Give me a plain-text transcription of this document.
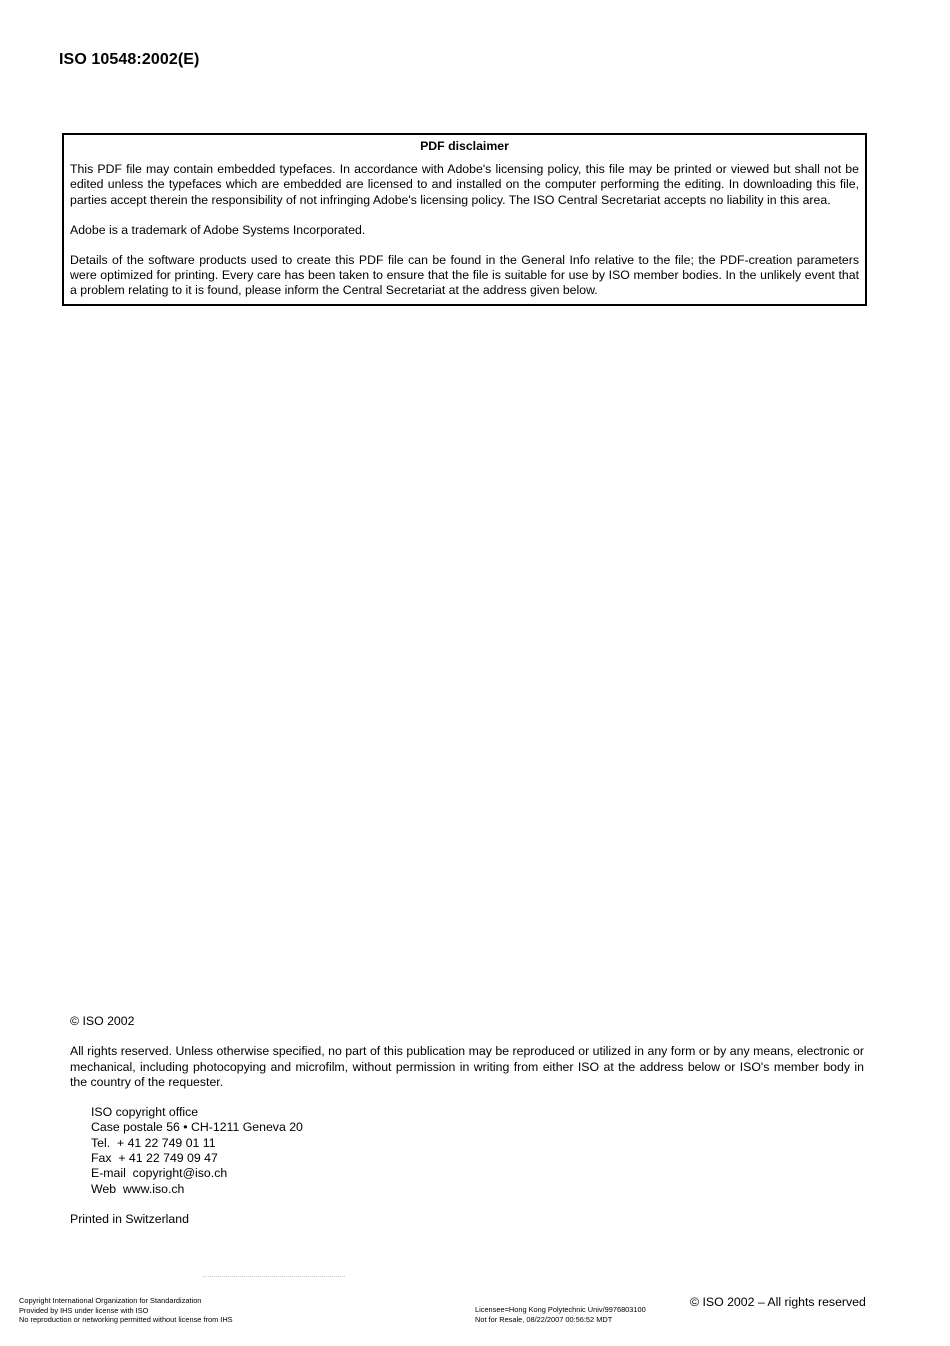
ISO 10548:2002(E)
PDF disclaimer

This PDF file may contain embedded typefaces. In accordance with Adobe's licensing policy, this file may be printed or viewed but shall not be edited unless the typefaces which are embedded are licensed to and installed on the computer performing the editing. In downloading this file, parties accept therein the responsibility of not infringing Adobe's licensing policy. The ISO Central Secretariat accepts no liability in this area.

Adobe is a trademark of Adobe Systems Incorporated.

Details of the software products used to create this PDF file can be found in the General Info relative to the file; the PDF-creation parameters were optimized for printing. Every care has been taken to ensure that the file is suitable for use by ISO member bodies. In the unlikely event that a problem relating to it is found, please inform the Central Secretariat at the address given below.

© ISO 2002

All rights reserved. Unless otherwise specified, no part of this publication may be reproduced or utilized in any form or by any means, electronic or mechanical, including photocopying and microfilm, without permission in writing from either ISO at the address below or ISO's member body in the country of the requester.

ISO copyright office
Case postale 56 • CH-1211 Geneva 20
Tel.  + 41 22 749 01 11
Fax  + 41 22 749 09 47
E-mail  copyright@iso.ch
Web  www.iso.ch

Printed in Switzerland

Copyright International Organization for Standardization
Provided by IHS under license with ISO
No reproduction or networking permitted without license from IHS
Licensee=Hong Kong Polytechnic Univ/9976803100
Not for Resale, 08/22/2007 00:56:52 MDT
© ISO 2002 – All rights reserved
